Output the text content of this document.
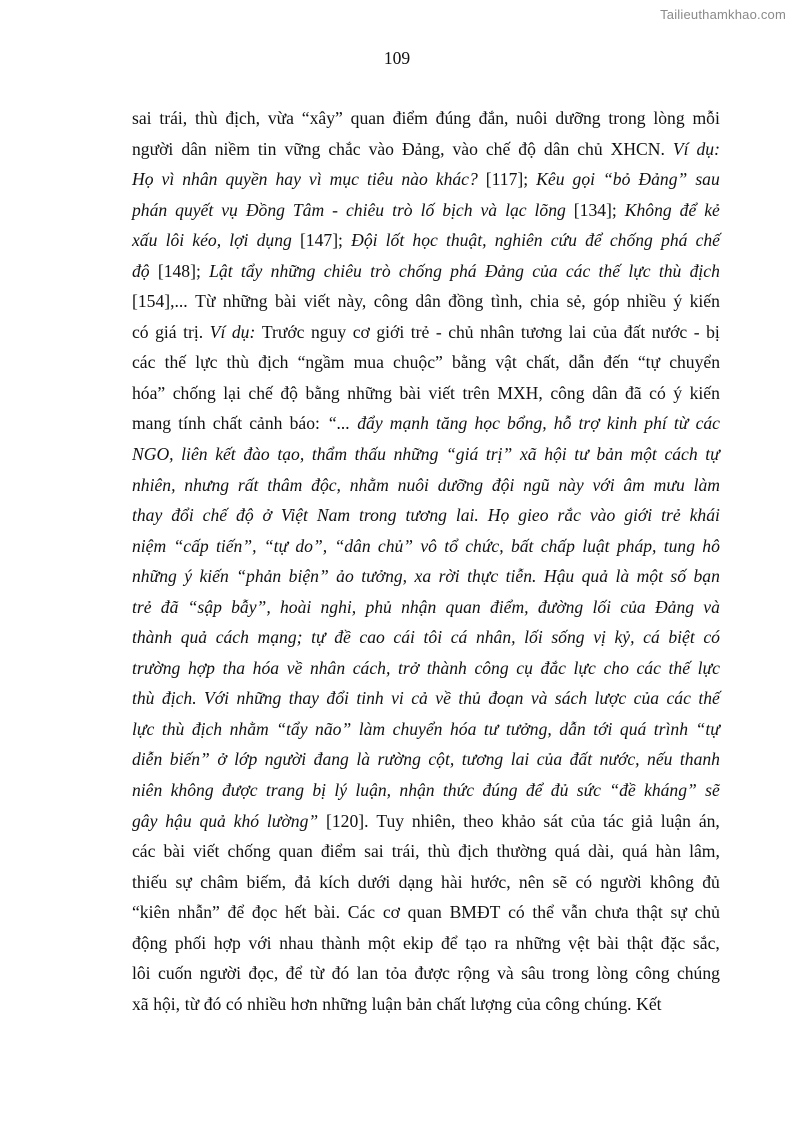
Tailieuthamkhao.com
109
sai trái, thù địch, vừa “xây” quan điểm đúng đắn, nuôi dưỡng trong lòng mỗi
người dân niềm tin vững chắc vào Đảng, vào chế độ dân chủ XHCN. Ví dụ:
Họ vì nhân quyền hay vì mục tiêu nào khác? [117]; Kêu gọi “bỏ Đảng” sau
phán quyết vụ Đồng Tâm - chiêu trò lố bịch và lạc lõng [134]; Không để kẻ
xấu lôi kéo, lợi dụng [147]; Đội lốt học thuật, nghiên cứu để chống phá chế
độ [148]; Lật tẩy những chiêu trò chống phá Đảng của các thế lực thù địch
[154],... Từ những bài viết này, công dân đồng tình, chia sẻ, góp nhiều ý kiến
có giá trị. Ví dụ: Trước nguy cơ giới trẻ - chủ nhân tương lai của đất nước - bị
các thế lực thù địch “ngầm mua chuộc” bằng vật chất, dẫn đến “tự chuyển
hóa” chống lại chế độ bằng những bài viết trên MXH, công dân đã có ý kiến
mang tính chất cảnh báo: “... đẩy mạnh tăng học bổng, hỗ trợ kinh phí từ các
NGO, liên kết đào tạo, thẩm thấu những “giá trị” xã hội tư bản một cách tự
nhiên, nhưng rất thâm độc, nhằm nuôi dưỡng đội ngũ này với âm mưu làm
thay đổi chế độ ở Việt Nam trong tương lai. Họ gieo rắc vào giới trẻ khái
niệm “cấp tiến”, “tự do”, “dân chủ” vô tổ chức, bất chấp luật pháp, tung hô
những ý kiến “phản biện” ảo tưởng, xa rời thực tiễn. Hậu quả là một số bạn
trẻ đã “sập bẫy”, hoài nghi, phủ nhận quan điểm, đường lối của Đảng và
thành quả cách mạng; tự đề cao cái tôi cá nhân, lối sống vị kỷ, cá biệt có
trường hợp tha hóa về nhân cách, trở thành công cụ đắc lực cho các thế lực
thù địch. Với những thay đổi tinh vi cả về thủ đoạn và sách lược của các thế
lực thù địch nhằm “tẩy não” làm chuyển hóa tư tưởng, dẫn tới quá trình “tự
diễn biến” ở lớp người đang là rường cột, tương lai của đất nước, nếu thanh
niên không được trang bị lý luận, nhận thức đúng để đủ sức “đề kháng” sẽ
gây hậu quả khó lường” [120]. Tuy nhiên, theo khảo sát của tác giả luận án,
các bài viết chống quan điểm sai trái, thù địch thường quá dài, quá hàn lâm,
thiếu sự châm biếm, đả kích dưới dạng hài hước, nên sẽ có người không đủ
“kiên nhẫn” để đọc hết bài. Các cơ quan BMĐT có thể vẫn chưa thật sự chủ
động phối hợp với nhau thành một ekip để tạo ra những vệt bài thật đặc sắc,
lôi cuốn người đọc, để từ đó lan tỏa được rộng và sâu trong lòng công chúng
xã hội, từ đó có nhiều hơn những luận bản chất lượng của công chúng. Kết
